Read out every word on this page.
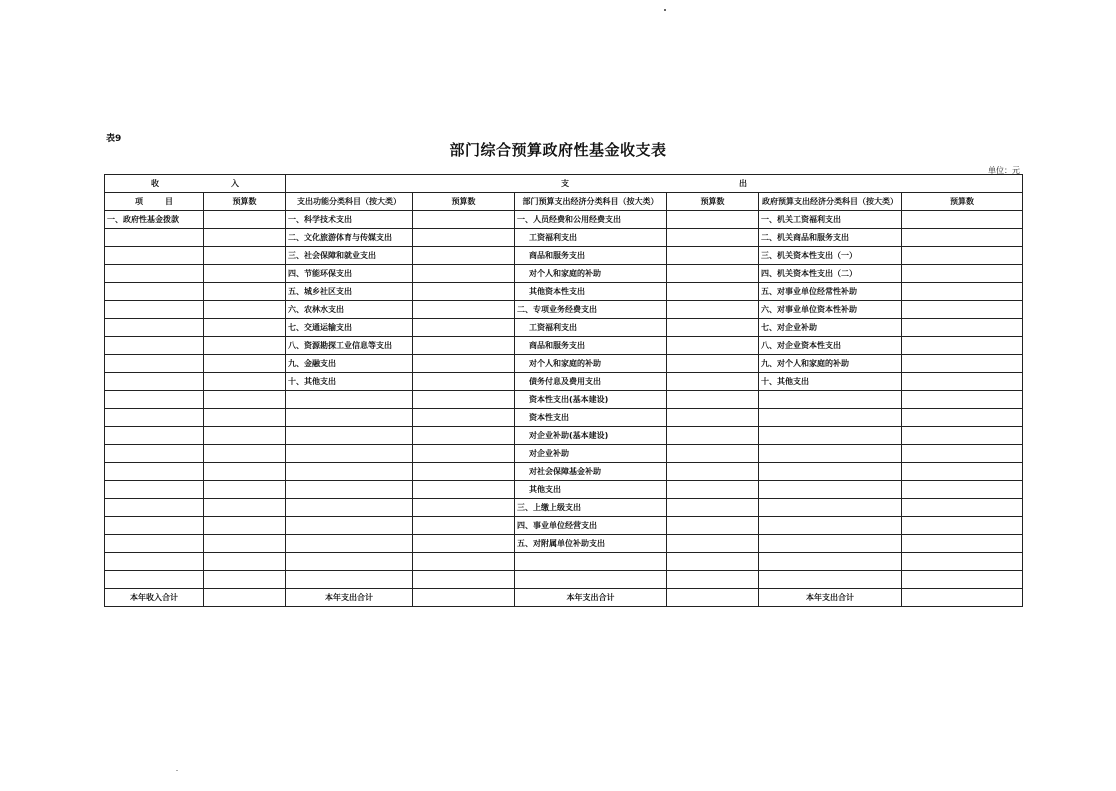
表9
部门综合预算政府性基金收支表
单位：元
收 入		支 出					
项 目	预算数	支出功能分类科目（按大类）	预算数	部门预算支出经济分类科目（按大类）	预算数	政府预算支出经济分类科目（按大类）	预算数
一、政府性基金拨款		一、科学技术支出		一、人员经费和公用经费支出		一、机关工资福利支出	
		二、文化旅游体育与传媒支出		工资福利支出		二、机关商品和服务支出	
		三、社会保障和就业支出		商品和服务支出		三、机关资本性支出（一）	
		四、节能环保支出		对个人和家庭的补助		四、机关资本性支出（二）	
		五、城乡社区支出		其他资本性支出		五、对事业单位经常性补助	
		六、农林水支出		二、专项业务经费支出		六、对事业单位资本性补助	
		七、交通运输支出		工资福利支出		七、对企业补助	
		八、资源勘探工业信息等支出		商品和服务支出		八、对企业资本性支出	
		九、金融支出		对个人和家庭的补助		九、对个人和家庭的补助	
		十、其他支出		债务付息及费用支出		十、其他支出	
				资本性支出(基本建设)			
				资本性支出			
				对企业补助(基本建设)			
				对企业补助			
				对社会保障基金补助			
				其他支出			
				三、上缴上级支出			
				四、事业单位经营支出			
				五、对附属单位补助支出			

本年收入合计		本年支出合计		本年支出合计		本年支出合计	
